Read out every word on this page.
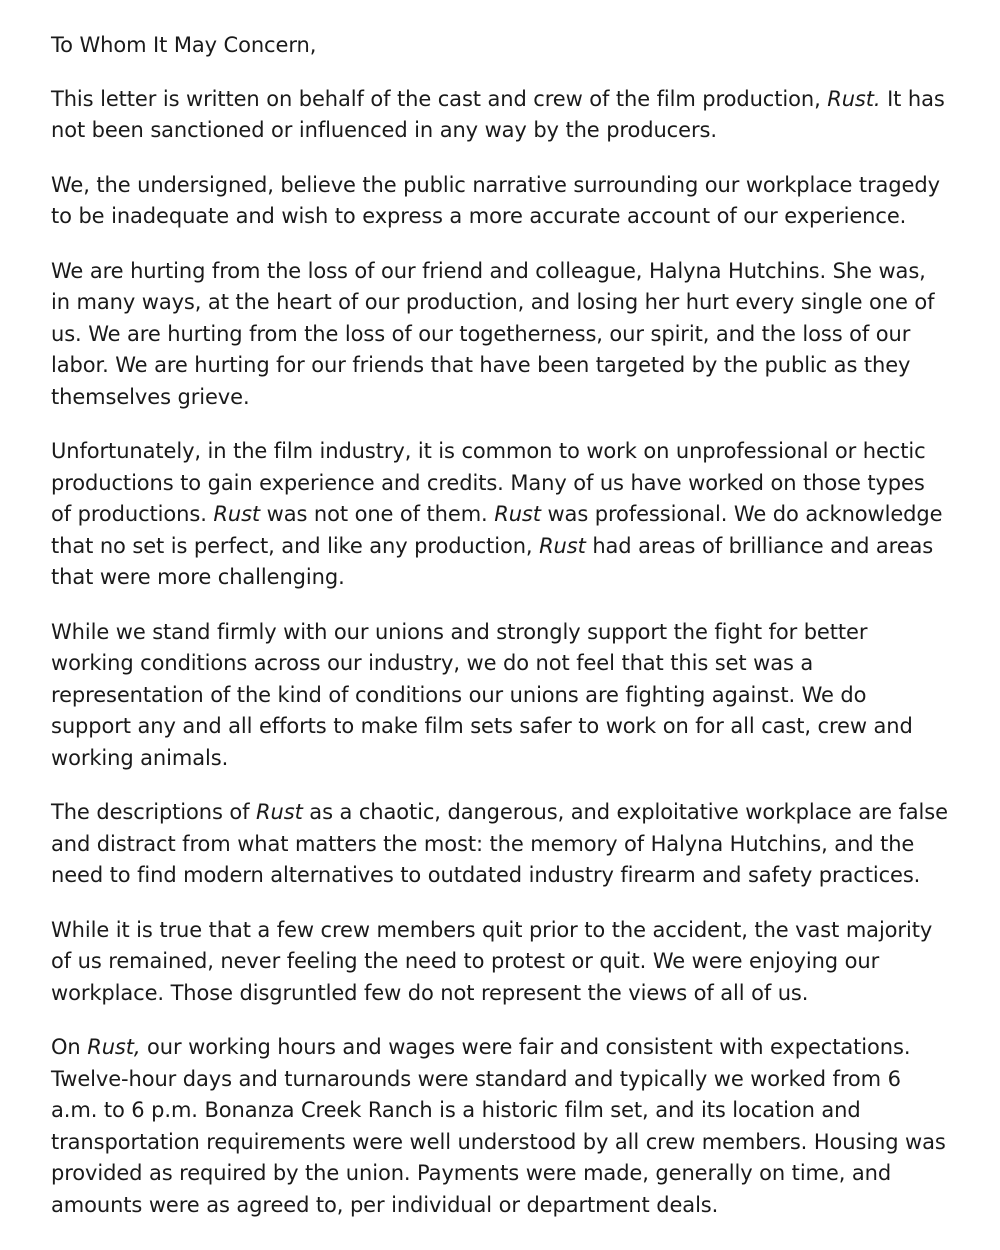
To Whom It May Concern,

This letter is written on behalf of the cast and crew of the film production, Rust. It has not been sanctioned or influenced in any way by the producers.

We, the undersigned, believe the public narrative surrounding our workplace tragedy to be inadequate and wish to express a more accurate account of our experience.

We are hurting from the loss of our friend and colleague, Halyna Hutchins. She was, in many ways, at the heart of our production, and losing her hurt every single one of us. We are hurting from the loss of our togetherness, our spirit, and the loss of our labor. We are hurting for our friends that have been targeted by the public as they themselves grieve.

Unfortunately, in the film industry, it is common to work on unprofessional or hectic productions to gain experience and credits. Many of us have worked on those types of productions. Rust was not one of them. Rust was professional. We do acknowledge that no set is perfect, and like any production, Rust had areas of brilliance and areas that were more challenging.

While we stand firmly with our unions and strongly support the fight for better working conditions across our industry, we do not feel that this set was a representation of the kind of conditions our unions are fighting against. We do support any and all efforts to make film sets safer to work on for all cast, crew and working animals.

The descriptions of Rust as a chaotic, dangerous, and exploitative workplace are false and distract from what matters the most: the memory of Halyna Hutchins, and the need to find modern alternatives to outdated industry firearm and safety practices.

While it is true that a few crew members quit prior to the accident, the vast majority of us remained, never feeling the need to protest or quit. We were enjoying our workplace. Those disgruntled few do not represent the views of all of us.

On Rust, our working hours and wages were fair and consistent with expectations. Twelve-hour days and turnarounds were standard and typically we worked from 6 a.m. to 6 p.m. Bonanza Creek Ranch is a historic film set, and its location and transportation requirements were well understood by all crew members. Housing was provided as required by the union. Payments were made, generally on time, and amounts were as agreed to, per individual or department deals.
